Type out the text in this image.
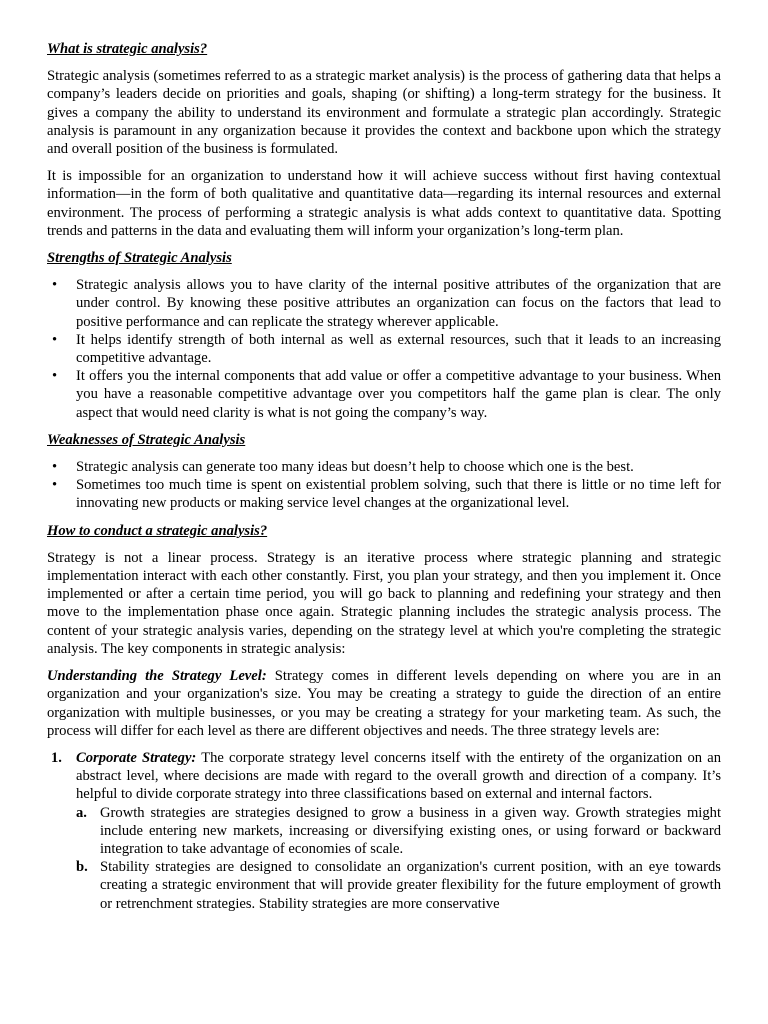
What is strategic analysis?

Strategic analysis (sometimes referred to as a strategic market analysis) is the process of gathering data that helps a company’s leaders decide on priorities and goals, shaping (or shifting) a long-term strategy for the business. It gives a company the ability to understand its environment and formulate a strategic plan accordingly. Strategic analysis is paramount in any organization because it provides the context and backbone upon which the strategy and overall position of the business is formulated.

It is impossible for an organization to understand how it will achieve success without first having contextual information—in the form of both qualitative and quantitative data—regarding its internal resources and external environment. The process of performing a strategic analysis is what adds context to quantitative data. Spotting trends and patterns in the data and evaluating them will inform your organization’s long-term plan.

Strengths of Strategic Analysis
• Strategic analysis allows you to have clarity of the internal positive attributes of the organization that are under control. By knowing these positive attributes an organization can focus on the factors that lead to positive performance and can replicate the strategy wherever applicable.
• It helps identify strength of both internal as well as external resources, such that it leads to an increasing competitive advantage.
• It offers you the internal components that add value or offer a competitive advantage to your business. When you have a reasonable competitive advantage over you competitors half the game plan is clear. The only aspect that would need clarity is what is not going the company’s way.
Weaknesses of Strategic Analysis
• Strategic analysis can generate too many ideas but doesn’t help to choose which one is the best.
• Sometimes too much time is spent on existential problem solving, such that there is little or no time left for innovating new products or making service level changes at the organizational level.
How to conduct a strategic analysis?

Strategy is not a linear process. Strategy is an iterative process where strategic planning and strategic implementation interact with each other constantly. First, you plan your strategy, and then you implement it. Once implemented or after a certain time period, you will go back to planning and redefining your strategy and then move to the implementation phase once again. Strategic planning includes the strategic analysis process. The content of your strategic analysis varies, depending on the strategy level at which you're completing the strategic analysis. The key components in strategic analysis:

Understanding the Strategy Level: Strategy comes in different levels depending on where you are in an organization and your organization's size. You may be creating a strategy to guide the direction of an entire organization with multiple businesses, or you may be creating a strategy for your marketing team. As such, the process will differ for each level as there are different objectives and needs. The three strategy levels are:

1. Corporate Strategy: The corporate strategy level concerns itself with the entirety of the organization on an abstract level, where decisions are made with regard to the overall growth and direction of a company. It’s helpful to divide corporate strategy into three classifications based on external and internal factors.
a. Growth strategies are strategies designed to grow a business in a given way. Growth strategies might include entering new markets, increasing or diversifying existing ones, or using forward or backward integration to take advantage of economies of scale.
b. Stability strategies are designed to consolidate an organization's current position, with an eye towards creating a strategic environment that will provide greater flexibility for the future employment of growth or retrenchment strategies. Stability strategies are more conservative
